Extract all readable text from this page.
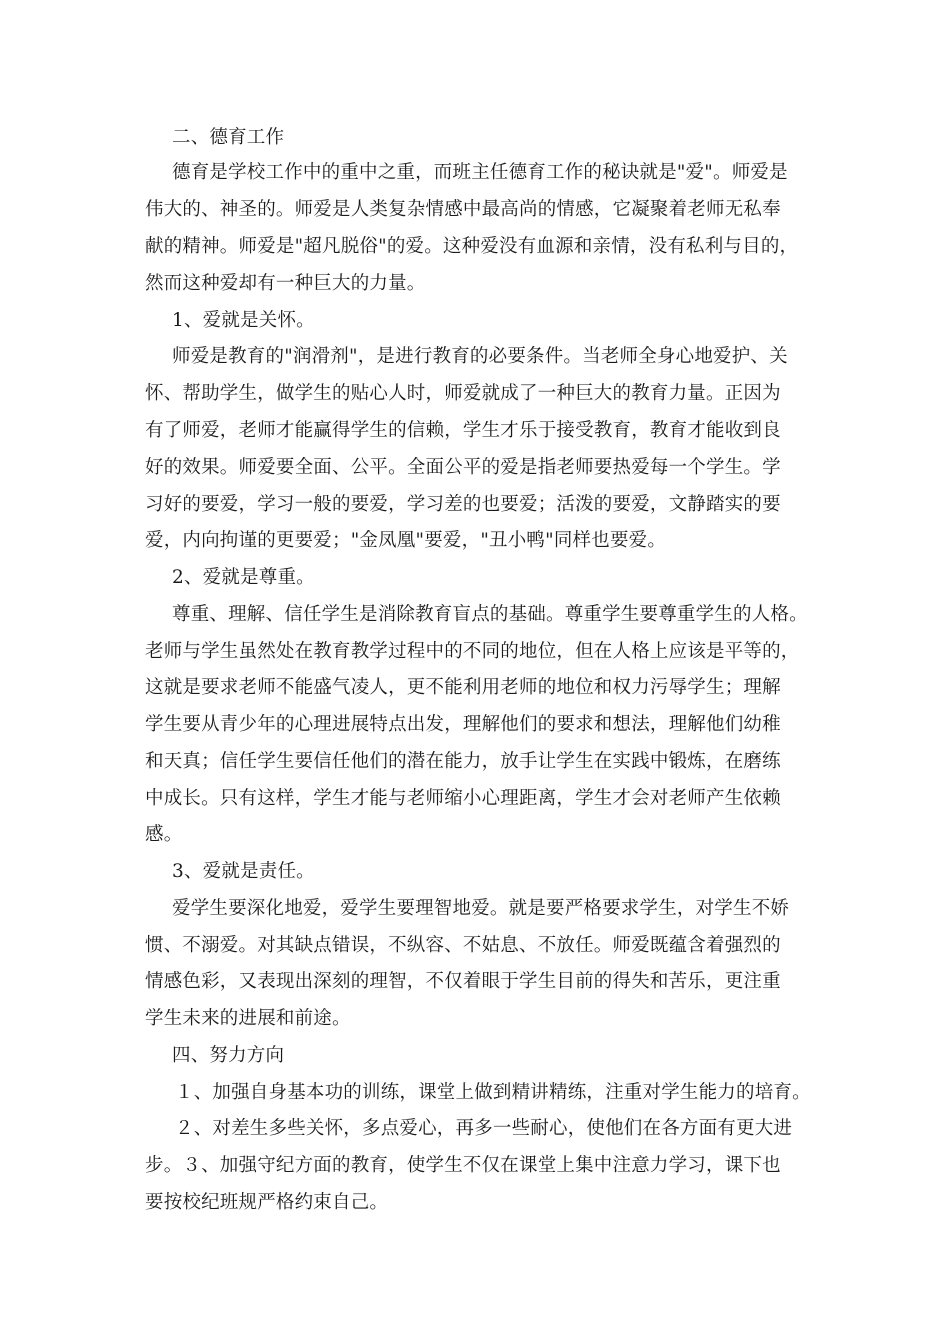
二、德育工作

德育是学校工作中的重中之重，而班主任德育工作的秘诀就是"爱"。师爱是

伟大的、神圣的。师爱是人类复杂情感中最高尚的情感，它凝聚着老师无私奉

献的精神。师爱是"超凡脱俗"的爱。这种爱没有血源和亲情，没有私利与目的，

然而这种爱却有一种巨大的力量。

1、爱就是关怀。

师爱是教育的"润滑剂"，是进行教育的必要条件。当老师全身心地爱护、关

怀、帮助学生，做学生的贴心人时，师爱就成了一种巨大的教育力量。正因为

有了师爱，老师才能赢得学生的信赖，学生才乐于接受教育，教育才能收到良

好的效果。师爱要全面、公平。全面公平的爱是指老师要热爱每一个学生。学

习好的要爱，学习一般的要爱，学习差的也要爱；活泼的要爱，文静踏实的要

爱，内向拘谨的更要爱；"金凤凰"要爱，"丑小鸭"同样也要爱。

2、爱就是尊重。

尊重、理解、信任学生是消除教育盲点的基础。尊重学生要尊重学生的人格。

老师与学生虽然处在教育教学过程中的不同的地位，但在人格上应该是平等的，

这就是要求老师不能盛气凌人，更不能利用老师的地位和权力污辱学生；理解

学生要从青少年的心理进展特点出发，理解他们的要求和想法，理解他们幼稚

和天真；信任学生要信任他们的潜在能力，放手让学生在实践中锻炼，在磨练

中成长。只有这样，学生才能与老师缩小心理距离，学生才会对老师产生依赖

感。

3、爱就是责任。

爱学生要深化地爱，爱学生要理智地爱。就是要严格要求学生，对学生不娇

惯、不溺爱。对其缺点错误，不纵容、不姑息、不放任。师爱既蕴含着强烈的

情感色彩，又表现出深刻的理智，不仅着眼于学生目前的得失和苦乐，更注重

学生未来的进展和前途。

四、努力方向

１、加强自身基本功的训练，课堂上做到精讲精练，注重对学生能力的培育。

２、对差生多些关怀，多点爱心，再多一些耐心，使他们在各方面有更大进

步。３、加强守纪方面的教育，使学生不仅在课堂上集中注意力学习，课下也

要按校纪班规严格约束自己。
